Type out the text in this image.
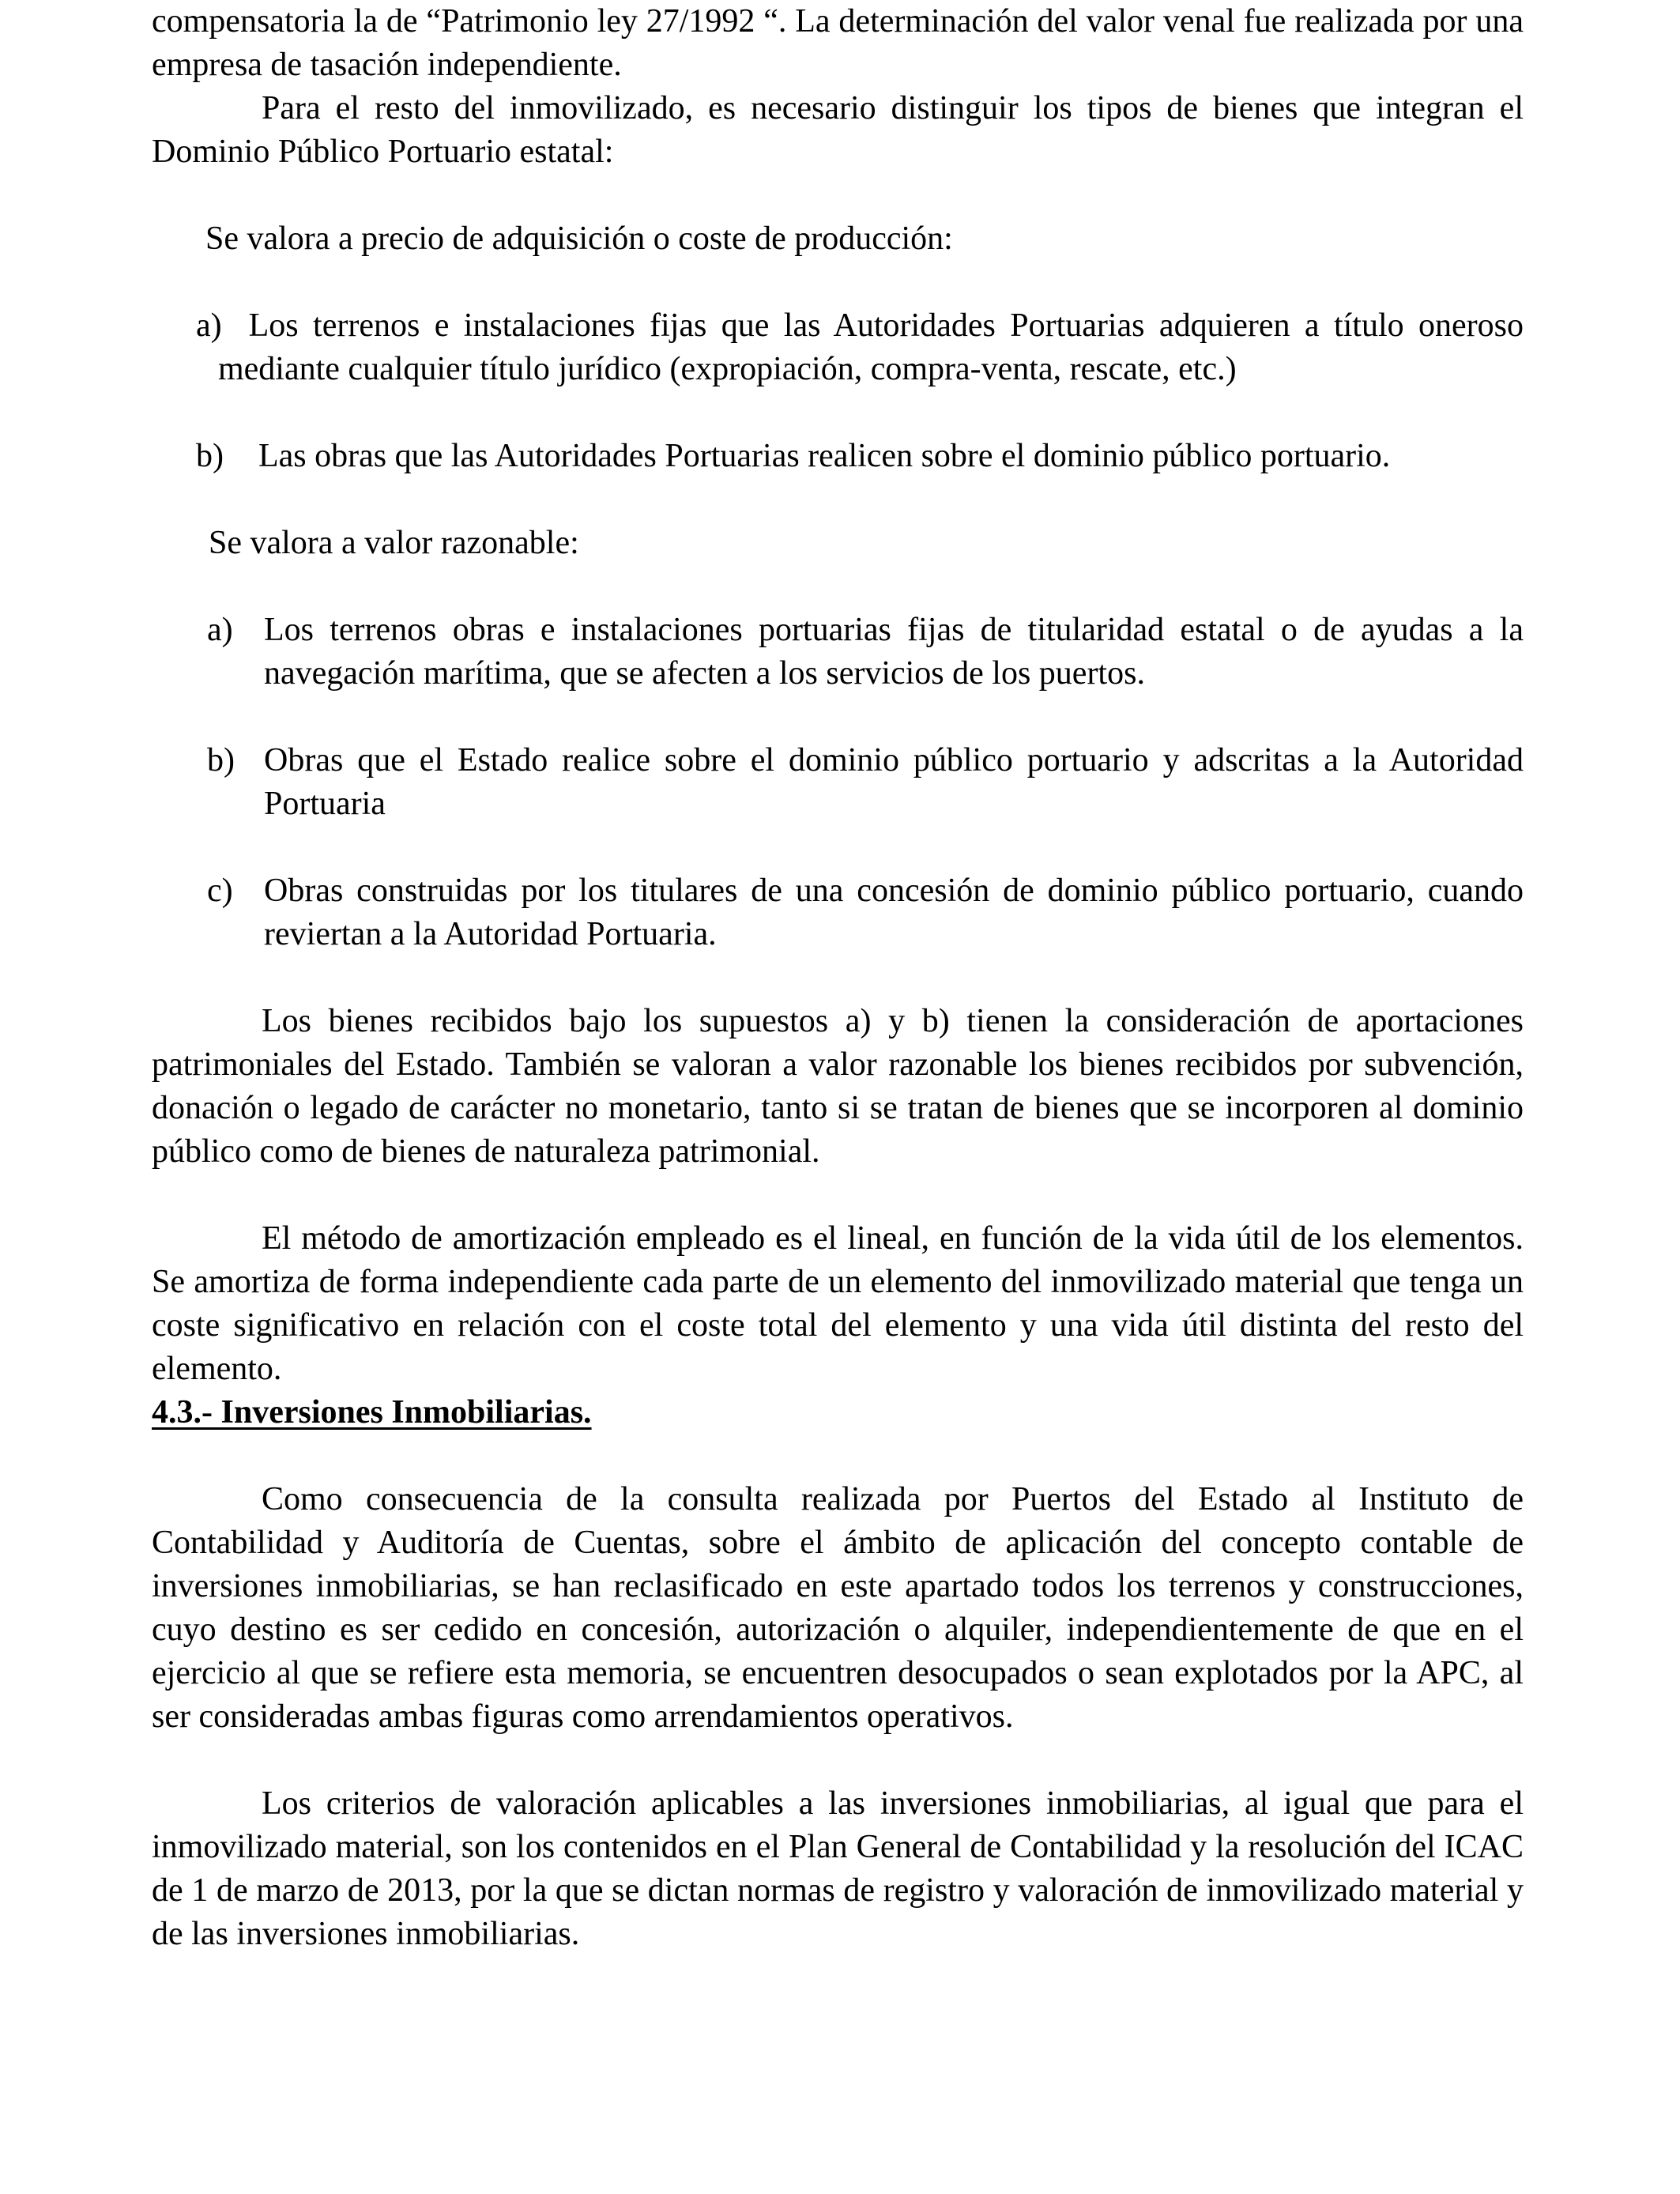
compensatoria la de “Patrimonio ley 27/1992 “. La determinación del valor venal fue realizada por una empresa de tasación independiente.

Para el resto del inmovilizado, es necesario distinguir los tipos de bienes que integran el Dominio Público Portuario estatal:

Se valora a precio de adquisición o coste de producción:

a) Los terrenos e instalaciones fijas que las Autoridades Portuarias adquieren a título oneroso mediante cualquier título jurídico (expropiación, compra-venta, rescate, etc.)
b) Las obras que las Autoridades Portuarias realicen sobre el dominio público portuario.

Se valora a valor razonable:

a) Los terrenos obras e instalaciones portuarias fijas de titularidad estatal o de ayudas a la navegación marítima, que se afecten a los servicios de los puertos.
b) Obras que el Estado realice sobre el dominio público portuario y adscritas a la Autoridad Portuaria
c) Obras construidas por los titulares de una concesión de dominio público portuario, cuando reviertan a la Autoridad Portuaria.

Los bienes recibidos bajo los supuestos a) y b) tienen la consideración de aportaciones patrimoniales del Estado. También se valoran a valor razonable los bienes recibidos por subvención, donación o legado de carácter no monetario, tanto si se tratan de bienes que se incorporen al dominio público como de bienes de naturaleza patrimonial.

El método de amortización empleado es el lineal, en función de la vida útil de los elementos. Se amortiza de forma independiente cada parte de un elemento del inmovilizado material que tenga un coste significativo en relación con el coste total del elemento y una vida útil distinta del resto del elemento.

4.3.- Inversiones Inmobiliarias.

Como consecuencia de la consulta realizada por Puertos del Estado al Instituto de Contabilidad y Auditoría de Cuentas, sobre el ámbito de aplicación del concepto contable de inversiones inmobiliarias, se han reclasificado en este apartado todos los terrenos y construcciones, cuyo destino es ser cedido en concesión, autorización o alquiler, independientemente de que en el ejercicio al que se refiere esta memoria, se encuentren desocupados o sean explotados por la APC, al ser consideradas ambas figuras como arrendamientos operativos.

Los criterios de valoración aplicables a las inversiones inmobiliarias, al igual que para el inmovilizado material, son los contenidos en el Plan General de Contabilidad y la resolución del ICAC de 1 de marzo de 2013, por la que se dictan normas de registro y valoración de inmovilizado material y de las inversiones inmobiliarias.
